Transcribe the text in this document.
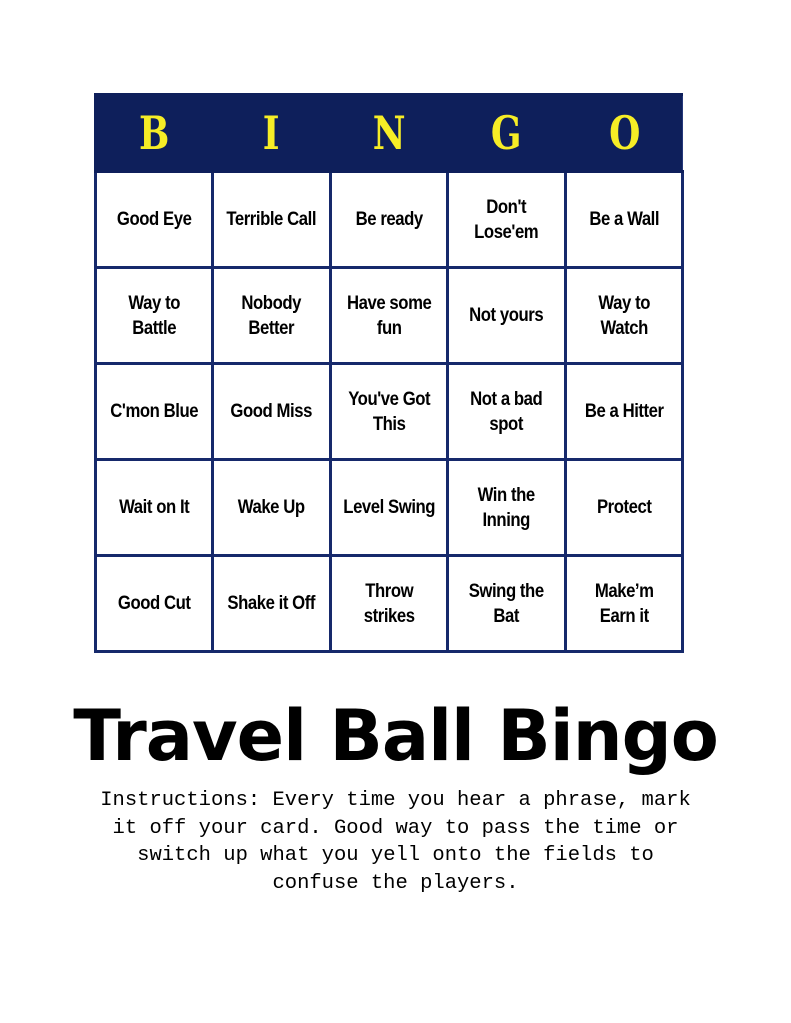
B	I	N	G	O

Good Eye	Terrible Call	Be ready	Don't Lose'em	Be a Wall

Way to Battle	Nobody Better	Have some fun	Not yours	Way to Watch

C'mon Blue	Good Miss	You've Got This	Not a bad spot	Be a Hitter

Wait on It	Wake Up	Level Swing	Win the Inning	Protect

Good Cut	Shake it Off	Throw strikes	Swing the Bat	Make’m Earn it
Travel Ball Bingo
Instructions: Every time you hear a phrase, mark it off your card. Good way to pass the time or switch up what you yell onto the fields to confuse the players.
